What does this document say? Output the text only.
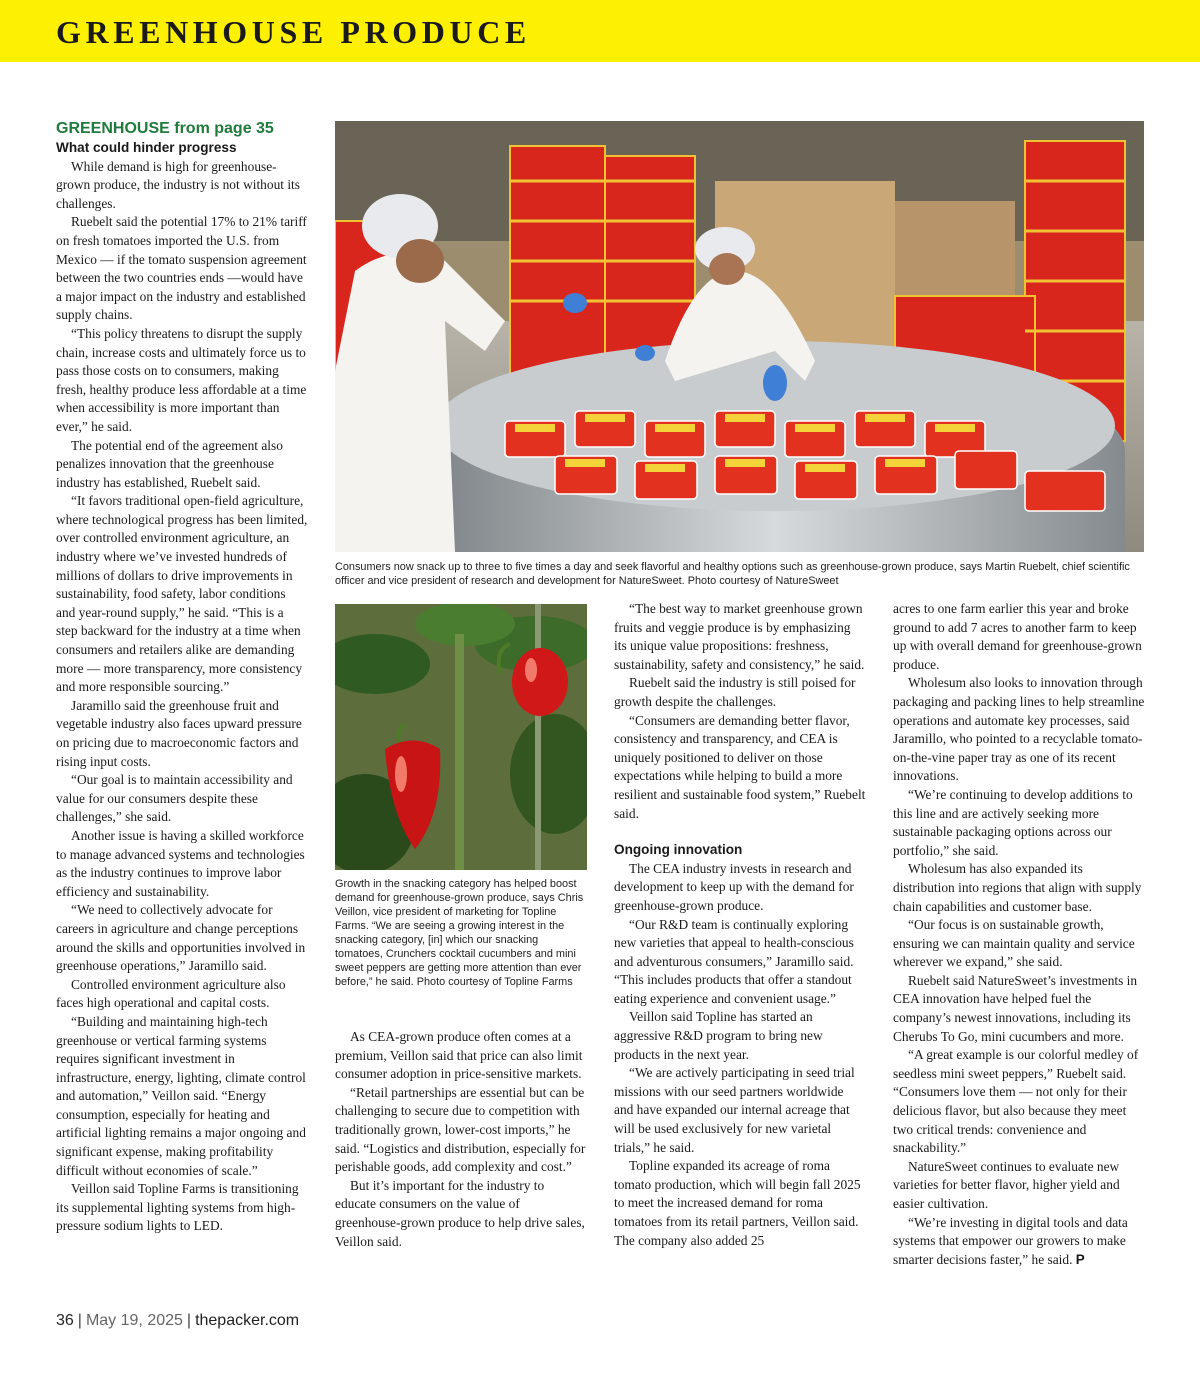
GREENHOUSE PRODUCE

Consumers now snack up to three to five times a day and seek flavorful and healthy options such as greenhouse-grown produce, says Martin Ruebelt, chief scientific officer and vice president of research and development for NatureSweet. Photo courtesy of NatureSweet

Growth in the snacking category has helped boost demand for greenhouse-grown produce, says Chris Veillon, vice president of marketing for Topline Farms. “We are seeing a growing interest in the snacking category, [in] which our snacking tomatoes, Crunchers cocktail cucumbers and mini sweet peppers are getting more attention than ever before,” he said. Photo courtesy of Topline Farms

GREENHOUSE from page 35

What could hinder progress

While demand is high for greenhouse-grown produce, the industry is not without its challenges.

Ruebelt said the potential 17% to 21% tariff on fresh tomatoes imported the U.S. from Mexico — if the tomato suspension agreement between the two countries ends —would have a major impact on the industry and established supply chains.

“This policy threatens to disrupt the supply chain, increase costs and ultimately force us to pass those costs on to consumers, making fresh, healthy produce less affordable at a time when accessibility is more important than ever,” he said.

The potential end of the agreement also penalizes innovation that the greenhouse industry has established, Ruebelt said.

“It favors traditional open-field agriculture, where technological progress has been limited, over controlled environment agriculture, an industry where we’ve invested hundreds of millions of dollars to drive improvements in sustainability, food safety, labor conditions and year-round supply,” he said. “This is a step backward for the industry at a time when consumers and retailers alike are demanding more — more transparency, more consistency and more responsible sourcing.”

Jaramillo said the greenhouse fruit and vegetable industry also faces upward pressure on pricing due to macroeconomic factors and rising input costs.

“Our goal is to maintain accessibility and value for our consumers despite these challenges,” she said.

Another issue is having a skilled workforce to manage advanced systems and technologies as the industry continues to improve labor efficiency and sustainability.

“We need to collectively advocate for careers in agriculture and change perceptions around the skills and opportunities involved in greenhouse operations,” Jaramillo said.

Controlled environment agriculture also faces high operational and capital costs.

“Building and maintaining high-tech greenhouse or vertical farming systems requires significant investment in infrastructure, energy, lighting, climate control and automation,” Veillon said. “Energy consumption, especially for heating and artificial lighting remains a major ongoing and significant expense, making profitability difficult without economies of scale.”

Veillon said Topline Farms is transitioning its supplemental lighting systems from high-pressure sodium lights to LED.

As CEA-grown produce often comes at a premium, Veillon said that price can also limit consumer adoption in price-sensitive markets.

“Retail partnerships are essential but can be challenging to secure due to competition with traditionally grown, lower-cost imports,” he said. “Logistics and distribution, especially for perishable goods, add complexity and cost.”

But it’s important for the industry to educate consumers on the value of greenhouse-grown produce to help drive sales, Veillon said.

“The best way to market greenhouse grown fruits and veggie produce is by emphasizing its unique value propositions: freshness, sustainability, safety and consistency,” he said.

Ruebelt said the industry is still poised for growth despite the challenges.

“Consumers are demanding better flavor, consistency and transparency, and CEA is uniquely positioned to deliver on those expectations while helping to build a more resilient and sustainable food system,” Ruebelt said.

Ongoing innovation

The CEA industry invests in research and development to keep up with the demand for greenhouse-grown produce.

“Our R&D team is continually exploring new varieties that appeal to health-conscious and adventurous consumers,” Jaramillo said. “This includes products that offer a standout eating experience and convenient usage.”

Veillon said Topline has started an aggressive R&D program to bring new products in the next year.

“We are actively participating in seed trial missions with our seed partners worldwide and have expanded our internal acreage that will be used exclusively for new varietal trials,” he said.

Topline expanded its acreage of roma tomato production, which will begin fall 2025 to meet the increased demand for roma tomatoes from its retail partners, Veillon said. The company also added 25

acres to one farm earlier this year and broke ground to add 7 acres to another farm to keep up with overall demand for greenhouse-grown produce.

Wholesum also looks to innovation through packaging and packing lines to help streamline operations and automate key processes, said Jaramillo, who pointed to a recyclable tomato-on-the-vine paper tray as one of its recent innovations.

“We’re continuing to develop additions to this line and are actively seeking more sustainable packaging options across our portfolio,” she said.

Wholesum has also expanded its distribution into regions that align with supply chain capabilities and customer base.

“Our focus is on sustainable growth, ensuring we can maintain quality and service wherever we expand,” she said.

Ruebelt said NatureSweet’s investments in CEA innovation have helped fuel the company’s newest innovations, including its Cherubs To Go, mini cucumbers and more.

“A great example is our colorful medley of seedless mini sweet peppers,” Ruebelt said. “Consumers love them — not only for their delicious flavor, but also because they meet two critical trends: convenience and snackability.”

NatureSweet continues to evaluate new varieties for better flavor, higher yield and easier cultivation.

“We’re investing in digital tools and data systems that empower our growers to make smarter decisions faster,” he said. P

36 | May 19, 2025 | thepacker.com
